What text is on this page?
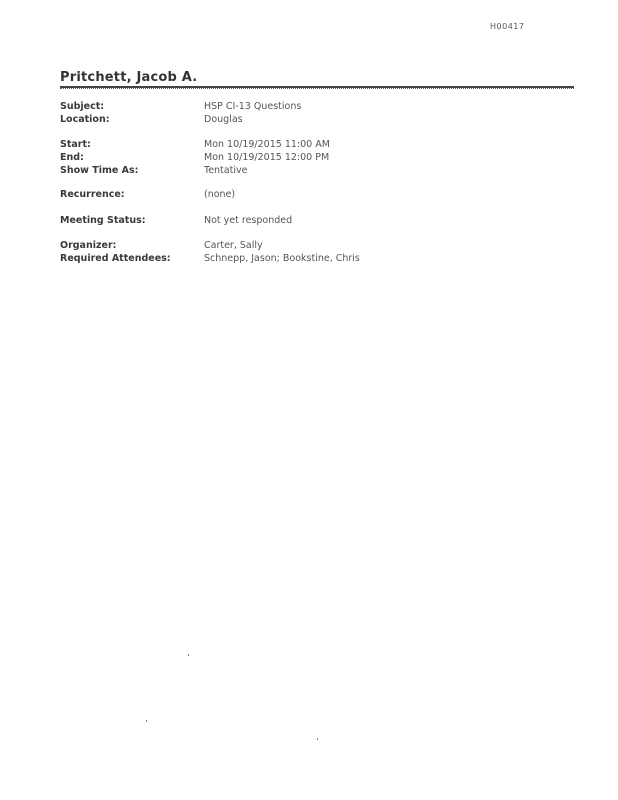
H00417
Pritchett, Jacob A.
Subject:	HSP CI-13 Questions
Location:	Douglas
Start:	Mon 10/19/2015 11:00 AM
End:	Mon 10/19/2015 12:00 PM
Show Time As:	Tentative
Recurrence:	(none)
Meeting Status:	Not yet responded
Organizer:	Carter, Sally
Required Attendees:	Schnepp, Jason; Bookstine, Chris
